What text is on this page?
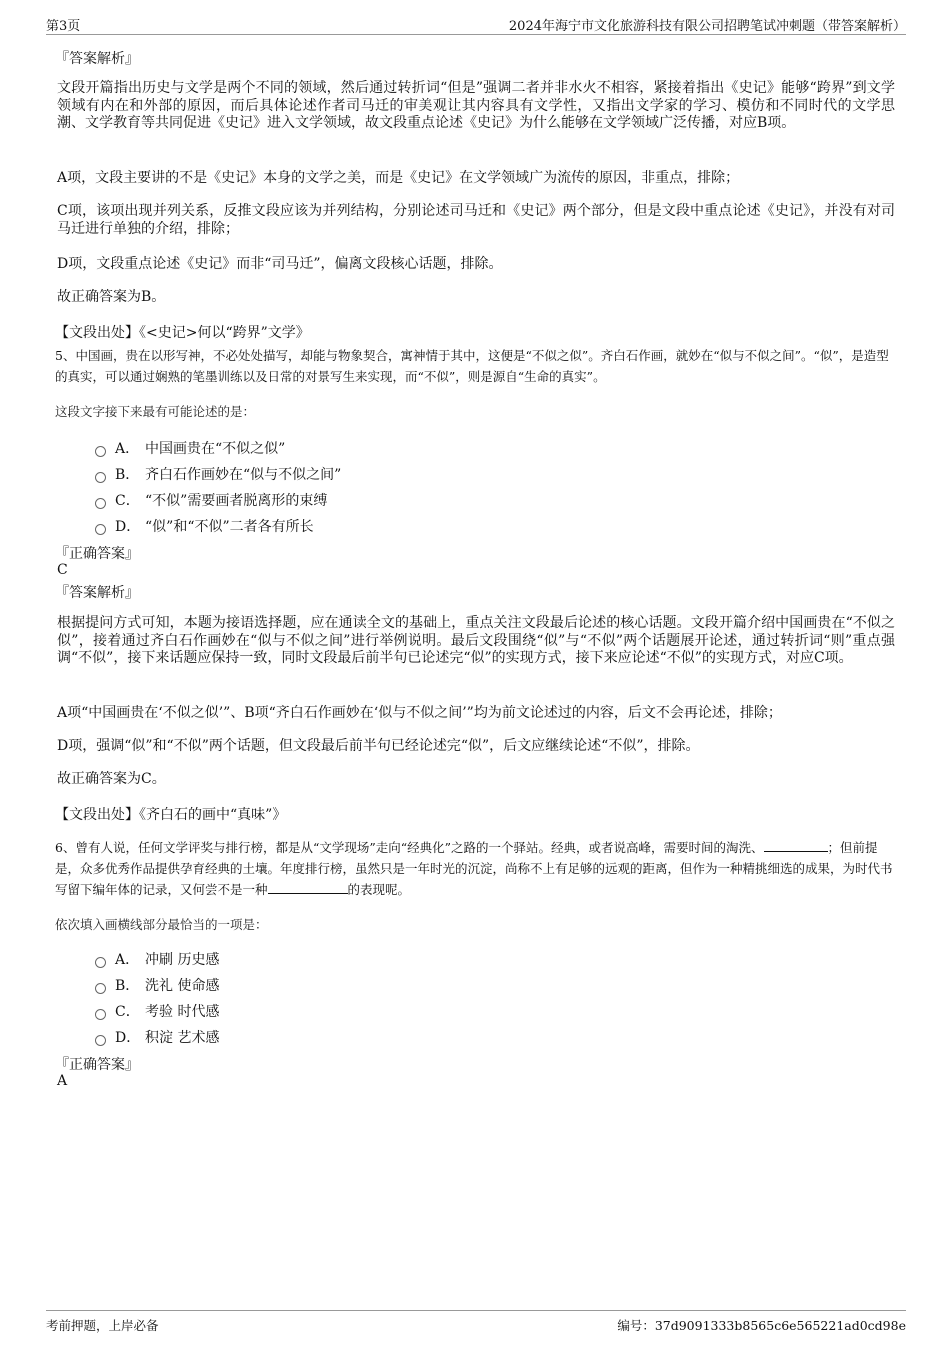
第3页	2024年海宁市文化旅游科技有限公司招聘笔试冲刺题（带答案解析）
『答案解析』
文段开篇指出历史与文学是两个不同的领域，然后通过转折词“但是”强调二者并非水火不相容，紧接着指出《史记》能够“跨界”到文学领域有内在和外部的原因，而后具体论述作者司马迁的审美观让其内容具有文学性，又指出文学家的学习、模仿和不同时代的文学思潮、文学教育等共同促进《史记》进入文学领域，故文段重点论述《史记》为什么能够在文学领域广泛传播，对应B项。
A项，文段主要讲的不是《史记》本身的文学之美，而是《史记》在文学领域广为流传的原因，非重点，排除；
C项，该项出现并列关系，反推文段应该为并列结构，分别论述司马迁和《史记》两个部分，但是文段中重点论述《史记》，并没有对司马迁进行单独的介绍，排除；
D项，文段重点论述《史记》而非“司马迁”，偏离文段核心话题，排除。
故正确答案为B。
【文段出处】《<史记>何以“跨界”文学》
5、中国画，贵在以形写神，不必处处描写，却能与物象契合，寓神情于其中，这便是“不似之似”。齐白石作画，就妙在“似与不似之间”。“似”，是造型的真实，可以通过娴熟的笔墨训练以及日常的对景写生来实现，而“不似”，则是源自“生命的真实”。
这段文字接下来最有可能论述的是：
A． 中国画贵在“不似之似”
B． 齐白石作画妙在“似与不似之间”
C． “不似”需要画者脱离形的束缚
D． “似”和“不似”二者各有所长
『正确答案』
C
『答案解析』
根据提问方式可知，本题为接语选择题，应在通读全文的基础上，重点关注文段最后论述的核心话题。文段开篇介绍中国画贵在“不似之似”，接着通过齐白石作画妙在“似与不似之间”进行举例说明。最后文段围绕“似”与“不似”两个话题展开论述，通过转折词“则”重点强调“不似”，接下来话题应保持一致，同时文段最后前半句已论述完“似”的实现方式，接下来应论述“不似”的实现方式，对应C项。
A项“中国画贵在‘不似之似’”、B项“齐白石作画妙在‘似与不似之间’”均为前文论述过的内容，后文不会再论述，排除；
D项，强调“似”和“不似”两个话题，但文段最后前半句已经论述完“似”，后文应继续论述“不似”，排除。
故正确答案为C。
【文段出处】《齐白石的画中“真味”》
6、曾有人说，任何文学评奖与排行榜，都是从“文学现场”走向“经典化”之路的一个驿站。经典，或者说高峰，需要时间的淘洗、	；但前提是，众多优秀作品提供孕育经典的土壤。年度排行榜，虽然只是一年时光的沉淀，尚称不上有足够的远观的距离，但作为一种精挑细选的成果，为时代书写留下编年体的记录，又何尝不是一种	的表现呢。
依次填入画横线部分最恰当的一项是：
A． 冲刷 历史感
B． 洗礼 使命感
C． 考验 时代感
D． 积淀 艺术感
『正确答案』
A
考前押题，上岸必备	编号：37d9091333b8565c6e565221ad0cd98e
